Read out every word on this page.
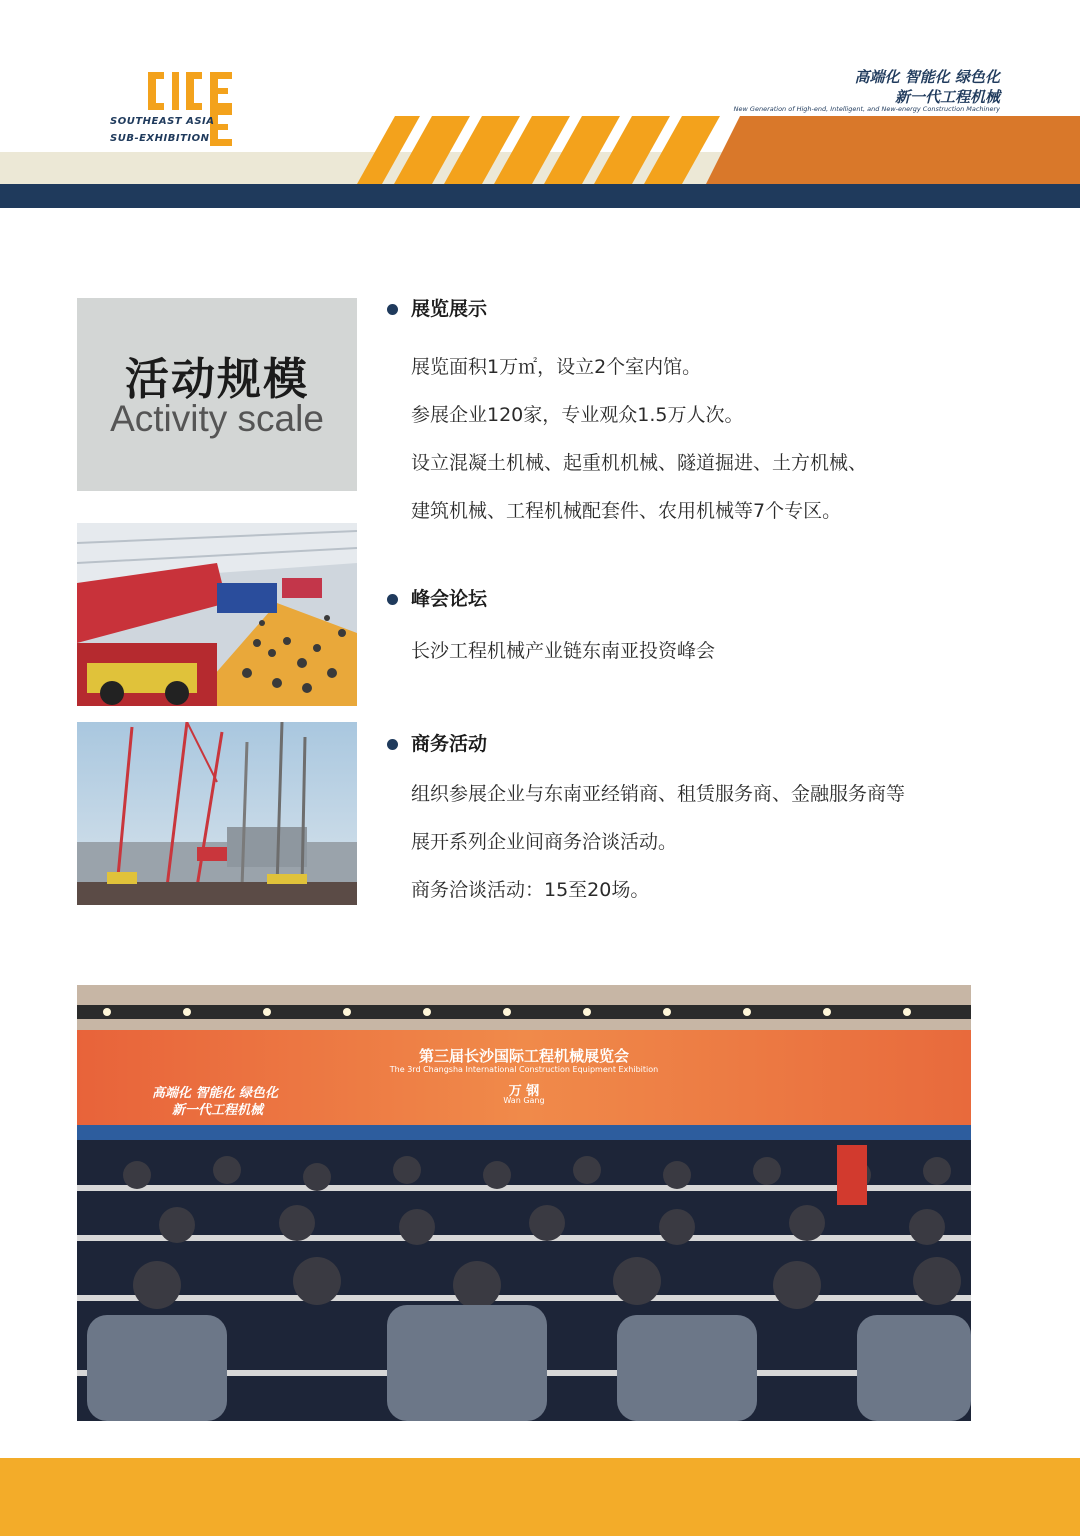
SOUTHEAST ASIA
SUB-EXHIBITION
高端化 智能化 绿色化
新一代工程机械
New Generation of High-end, Intelligent, and New-energy Construction Machinery
活动规模
Activity scale
展览展示
展览面积1万㎡，设立2个室内馆。
参展企业120家，专业观众1.5万人次。
设立混凝土机械、起重机机械、隧道掘进、土方机械、
建筑机械、工程机械配套件、农用机械等7个专区。
峰会论坛
长沙工程机械产业链东南亚投资峰会
商务活动
组织参展企业与东南亚经销商、租赁服务商、金融服务商等
展开系列企业间商务洽谈活动。
商务洽谈活动：15至20场。
第三届长沙国际工程机械展览会
The 3rd Changsha International Construction Equipment Exhibition
万 钢
Wan Gang
高端化 智能化 绿色化
新一代工程机械
